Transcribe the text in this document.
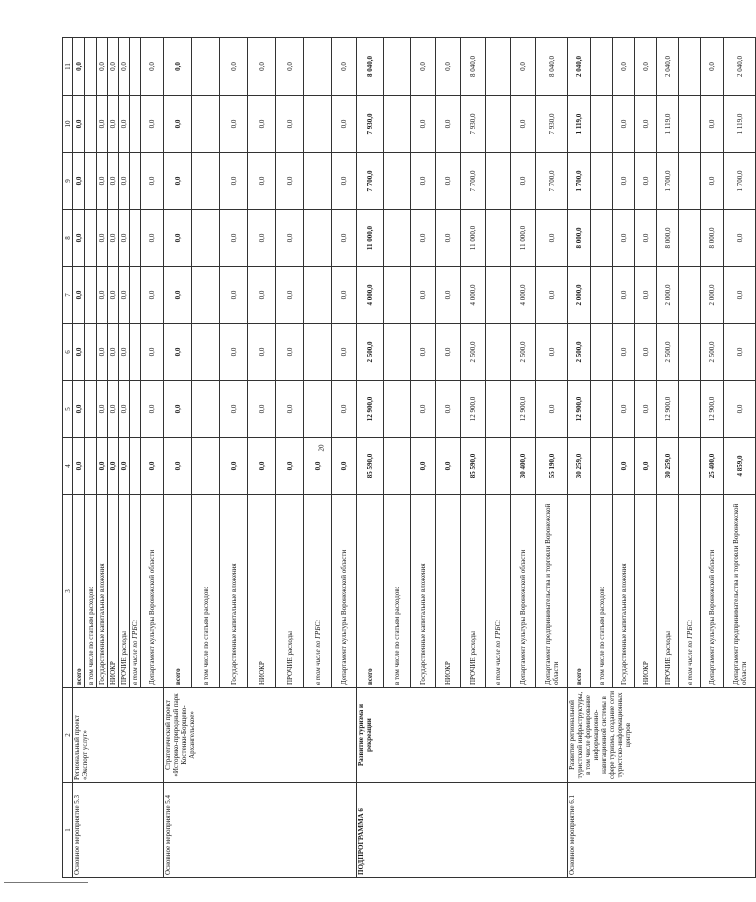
20
1	2	3	4	5	6	7	8	9	10	11
Основное мероприятие 5.3	Региональный проект «Экспорт услуг»	всего	0,0	0,0	0,0	0,0	0,0	0,0	0,0	0,0
		в том числе по статьям расходов:								
		Государственные капитальные вложения	0,0	0,0	0,0	0,0	0,0	0,0	0,0	0,0
		НИОКР	0,0	0,0	0,0	0,0	0,0	0,0	0,0	0,0
		ПРОЧИЕ расходы	0,0	0,0	0,0	0,0	0,0	0,0	0,0	0,0
		в том числе по ГРБС:								
		Департамент культуры Воронежской области	0,0	0,0	0,0	0,0	0,0	0,0	0,0	0,0
Основное мероприятие 5.4	Стратегический проект «Историко-природный парк Костенки-Борщево-Архангельское»	всего	0,0	0,0	0,0	0,0	0,0	0,0	0,0	0,0
		в том числе по статьям расходов:								
		Государственные капитальные вложения	0,0	0,0	0,0	0,0	0,0	0,0	0,0	0,0
		НИОКР	0,0	0,0	0,0	0,0	0,0	0,0	0,0	0,0
		ПРОЧИЕ расходы	0,0	0,0	0,0	0,0	0,0	0,0	0,0	0,0
		в том числе по ГРБС:	0,0							
		Департамент культуры Воронежской области	0,0	0,0	0,0	0,0	0,0	0,0	0,0	0,0
ПОДПРОГРАММА 6	Развитие туризма и рекреации	всего	85 590,0	12 900,0	2 500,0	4 000,0	11 000,0	7 700,0	7 930,0	8 040,0
		в том числе по статьям расходов:								
		Государственные капитальные вложения	0,0	0,0	0,0	0,0	0,0	0,0	0,0	0,0
		НИОКР	0,0	0,0	0,0	0,0	0,0	0,0	0,0	0,0
		ПРОЧИЕ расходы	85 590,0	12 900,0	2 500,0	4 000,0	11 000,0	7 700,0	7 930,0	8 040,0
		в том числе по ГРБС:								
		Департамент культуры Воронежской области	30 400,0	12 900,0	2 500,0	4 000,0	11 000,0	0,0	0,0	0,0
		Департамент предпринимательства и торговли Воронежской области	55 190,0	0,0	0,0	0,0	0,0	7 700,0	7 930,0	8 040,0
Основное мероприятие 6.1	Развитие региональной туристской инфраструктуры, в том числе формирование информационно-навигационной системы в сфере туризма, создание сети туристско-информационных центров	всего	30 259,0	12 900,0	2 500,0	2 000,0	8 000,0	1 700,0	1 119,0	2 040,0
		в том числе по статьям расходов:								
		Государственные капитальные вложения	0,0	0,0	0,0	0,0	0,0	0,0	0,0	0,0
		НИОКР	0,0	0,0	0,0	0,0	0,0	0,0	0,0	0,0
		ПРОЧИЕ расходы	30 259,0	12 900,0	2 500,0	2 000,0	8 000,0	1 700,0	1 119,0	2 040,0
		в том числе по ГРБС:								
		Департамент культуры Воронежской области	25 400,0	12 900,0	2 500,0	2 000,0	8 000,0	0,0	0,0	0,0
		Департамент предпринимательства и торговли Воронежской области	4 859,0	0,0	0,0	0,0	0,0	1 700,0	1 119,0	2 040,0
